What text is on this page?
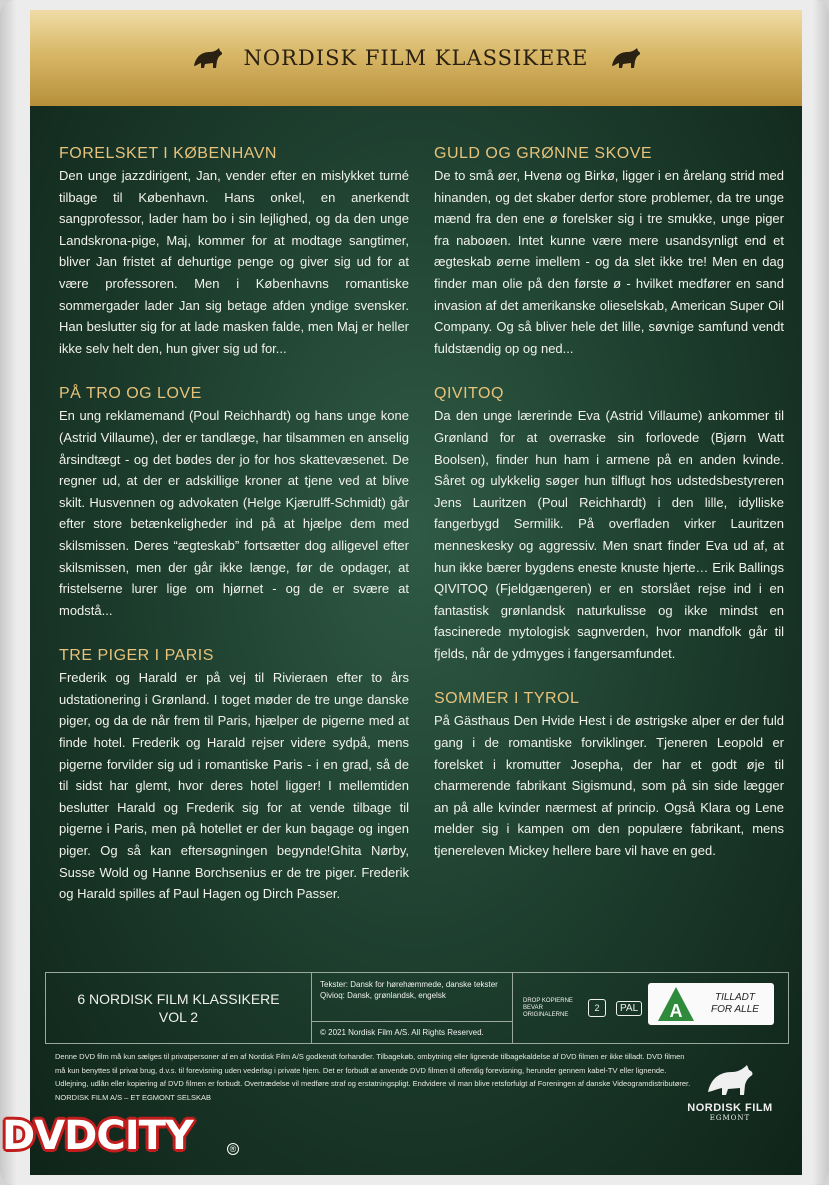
NORDISK FILM KLASSIKERE
FORELSKET I KØBENHAVN

Den unge jazzdirigent, Jan, vender efter en mislykket turné tilbage til København. Hans onkel, en anerkendt sangprofessor, lader ham bo i sin lejlighed, og da den unge Landskrona-pige, Maj, kommer for at modtage sangtimer, bliver Jan fristet af dehurtige penge og giver sig ud for at være professoren. Men i Københavns romantiske sommergader lader Jan sig betage afden yndige svensker. Han beslutter sig for at lade masken falde, men Maj er heller ikke selv helt den, hun giver sig ud for...

PÅ TRO OG LOVE

En ung reklamemand (Poul Reichhardt) og hans unge kone (Astrid Villaume), der er tandlæge, har tilsammen en anselig årsindtægt - og det bødes der jo for hos skattevæsenet. De regner ud, at der er adskillige kroner at tjene ved at blive skilt. Husvennen og advokaten (Helge Kjærulff-Schmidt) går efter store betænkeligheder ind på at hjælpe dem med skilsmissen. Deres “ægteskab” fortsætter dog alligevel efter skilsmissen, men der går ikke længe, før de opdager, at fristelserne lurer lige om hjørnet - og de er svære at modstå...

TRE PIGER I PARIS

Frederik og Harald er på vej til Rivieraen efter to års udstationering i Grønland. I toget møder de tre unge danske piger, og da de når frem til Paris, hjælper de pigerne med at finde hotel. Frederik og Harald rejser videre sydpå, mens pigerne forvilder sig ud i romantiske Paris - i en grad, så de til sidst har glemt, hvor deres hotel ligger! I mellemtiden beslutter Harald og Frederik sig for at vende tilbage til pigerne i Paris, men på hotellet er der kun bagage og ingen piger. Og så kan eftersøgningen begynde!Ghita Nørby, Susse Wold og Hanne Borchsenius er de tre piger. Frederik og Harald spilles af Paul Hagen og Dirch Passer.

GULD OG GRØNNE SKOVE

De to små øer, Hvenø og Birkø, ligger i en årelang strid med hinanden, og det skaber derfor store problemer, da tre unge mænd fra den ene ø forelsker sig i tre smukke, unge piger fra naboøen. Intet kunne være mere usandsynligt end et ægteskab øerne imellem - og da slet ikke tre! Men en dag finder man olie på den første ø - hvilket medfører en sand invasion af det amerikanske olieselskab, American Super Oil Company. Og så bliver hele det lille, søvnige samfund vendt fuldstændig op og ned...

QIVITOQ

Da den unge lærerinde Eva (Astrid Villaume) ankommer til Grønland for at overraske sin forlovede (Bjørn Watt Boolsen), finder hun ham i armene på en anden kvinde. Såret og ulykkelig søger hun tilflugt hos udstedsbestyreren Jens Lauritzen (Poul Reichhardt) i den lille, idylliske fangerbygd Sermilik. På overfladen virker Lauritzen menneskesky og aggressiv. Men snart finder Eva ud af, at hun ikke bærer bygdens eneste knuste hjerte… Erik Ballings QIVITOQ (Fjeldgængeren) er en storslået rejse ind i en fantastisk grønlandsk naturkulisse og ikke mindst en fascinerede mytologisk sagnverden, hvor mandfolk går til fjelds, når de ydmyges i fangersamfundet.

SOMMER I TYROL

På Gästhaus Den Hvide Hest i de østrigske alper er der fuld gang i de romantiske forviklinger. Tjeneren Leopold er forelsket i kromutter Josepha, der har et godt øje til charmerende fabrikant Sigismund, som på sin side lægger an på alle kvinder nærmest af princip. Også Klara og Lene melder sig i kampen om den populære fabrikant, mens tjenereleven Mickey hellere bare vil have en ged.

6 NORDISK FILM KLASSIKERE
VOL 2
Tekster: Dansk for hørehæmmede, danske tekster
Qivioq: Dansk, grønlandsk, engelsk
© 2021 Nordisk Film A/S. All Rights Reserved.
DROP KOPIERNE BEVAR ORIGINALERNE
2	PAL A
TILLADT
FOR ALLE
Denne DVD film må kun sælges til privatpersoner af en af Nordisk Film A/S godkendt forhandler. Tilbagekøb, ombytning eller lignende tilbagekaldelse af DVD filmen er ikke tilladt. DVD filmen må kun benyttes til privat brug, d.v.s. til forevisning uden vederlag i private hjem. Det er forbudt at anvende DVD filmen til offentlig forevisning, herunder gennem kabel-TV eller lignende. Udlejning, udlån eller kopiering af DVD filmen er forbudt. Overtrædelse vil medføre straf og erstatningspligt. Endvidere vil man blive retsforfulgt af Foreningen af danske Videogramdistributører. NORDISK FILM A/S – ET EGMONT SELSKAB
NORDISK FILM
EGMONT
DVDCITY	®
